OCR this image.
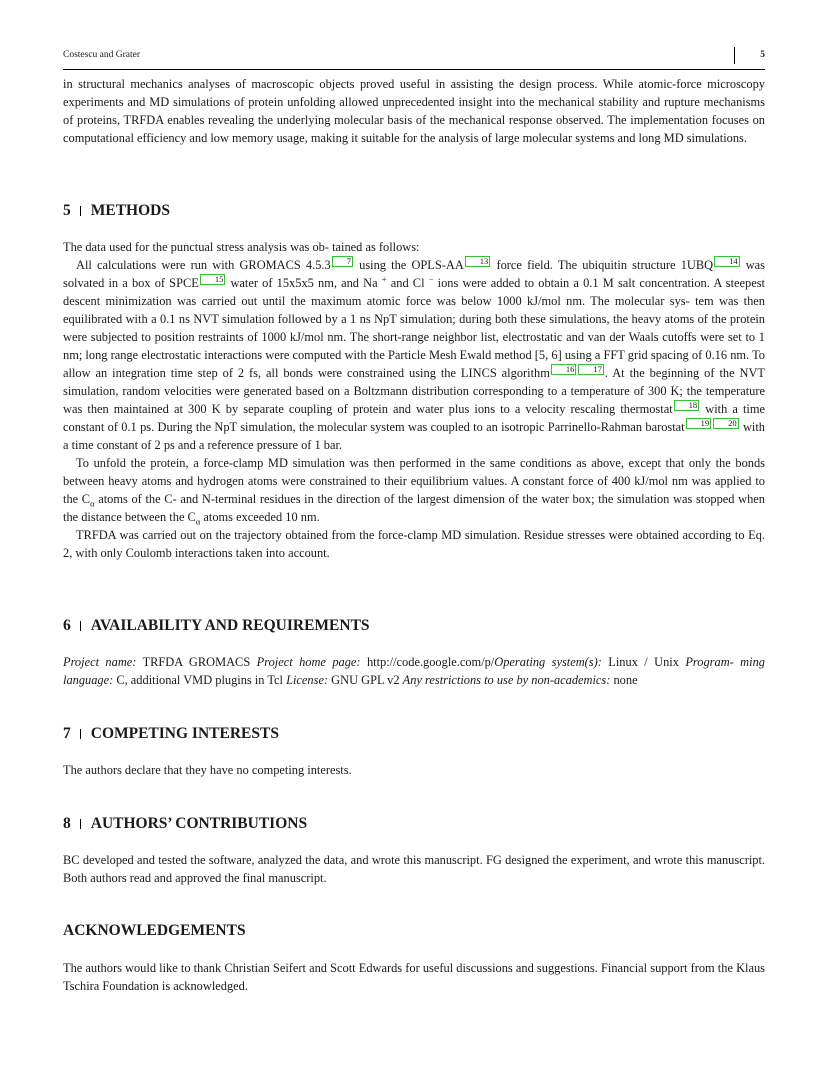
Costescu and Grater	5

in structural mechanics analyses of macroscopic objects proved useful in assisting the design process. While atomic-force microscopy experiments and MD simulations of protein unfolding allowed unprecedented insight into the mechanical stability and rupture mechanisms of proteins, TRFDA enables revealing the underlying molecular basis of the mechanical response observed. The implementation focuses on computational efficiency and low memory usage, making it suitable for the analysis of large molecular systems and long MD simulations.

5 METHODS

The data used for the punctual stress analysis was ob- tained as follows:

All calculations were run with GROMACS 4.5.3 7 using the OPLS-AA 13 force field. The ubiquitin structure 1UBQ 14 was solvated in a box of SPCE 15 water of 15x5x5 nm, and Na + and Cl − ions were added to obtain a 0.1 M salt concentration. A steepest descent minimization was carried out until the maximum atomic force was below 1000 kJ/mol nm. The molecular sys- tem was then equilibrated with a 0.1 ns NVT simulation followed by a 1 ns NpT simulation; during both these simulations, the heavy atoms of the protein were subjected to position restraints of 1000 kJ/mol nm. The short-range neighbor list, electrostatic and van der Waals cutoffs were set to 1 nm; long range electrostatic interactions were computed with the Particle Mesh Ewald method [5, 6] using a FFT grid spacing of 0.16 nm. To allow an integration time step of 2 fs, all bonds were constrained using the LINCS algorithm 16 17 . At the beginning of the NVT simulation, random velocities were generated based on a Boltzmann distribution corresponding to a temperature of 300 K; the temperature was then maintained at 300 K by separate coupling of protein and water plus ions to a velocity rescaling thermostat 18 with a time constant of 0.1 ps. During the NpT simulation, the molecular system was coupled to an isotropic Parrinello-Rahman barostat 19 20 with a time constant of 2 ps and a reference pressure of 1 bar.

To unfold the protein, a force-clamp MD simulation was then performed in the same conditions as above, except that only the bonds between heavy atoms and hydrogen atoms were constrained to their equilibrium values. A constant force of 400 kJ/mol nm was applied to the $C_\alpha$ atoms of the C- and N-terminal residues in the direction of the largest dimension of the water box; the simulation was stopped when the distance between the $C_\alpha$ atoms exceeded 10 nm.

TRFDA was carried out on the trajectory obtained from the force-clamp MD simulation. Residue stresses were obtained according to Eq. 2, with only Coulomb interactions taken into account.

6 AVAILABILITY AND REQUIREMENTS

Project name: TRFDA GROMACS Project home page: http://code.google.com/p/Operating system(s): Linux / Unix Program- ming language: C, additional VMD plugins in Tcl License: GNU GPL v2 Any restrictions to use by non-academics: none

7 COMPETING INTERESTS

The authors declare that they have no competing interests.

8 AUTHORS’ CONTRIBUTIONS

BC developed and tested the software, analyzed the data, and wrote this manuscript. FG designed the experiment, and wrote this manuscript. Both authors read and approved the final manuscript.

ACKNOWLEDGEMENTS

The authors would like to thank Christian Seifert and Scott Edwards for useful discussions and suggestions. Financial support from the Klaus Tschira Foundation is acknowledged.
